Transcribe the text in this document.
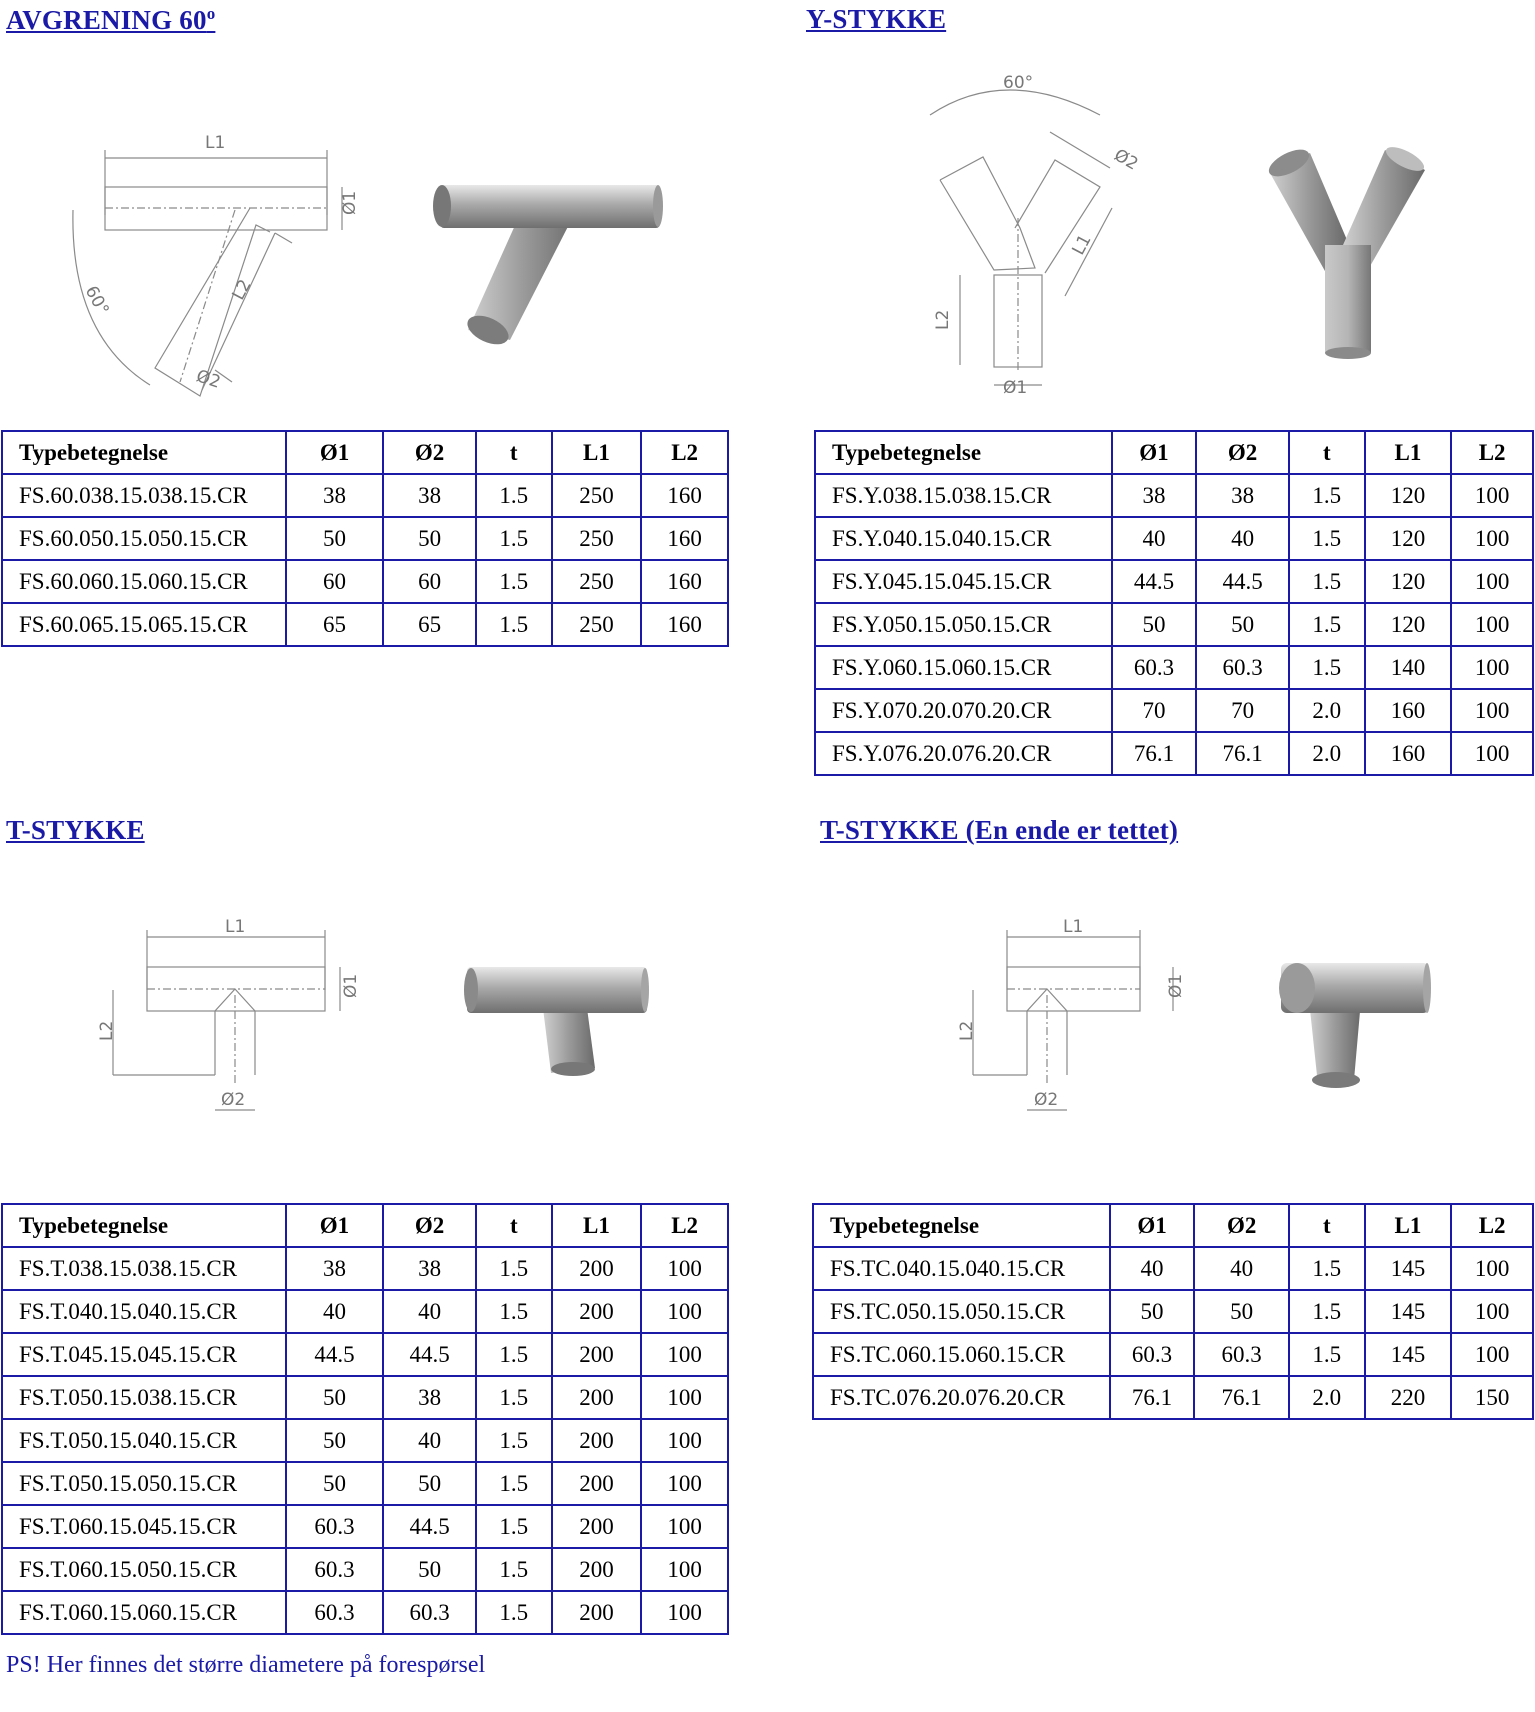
AVGRENING 60$^o$	Y-STYKKE
T-STYKKE	T-STYKKE (En ende er tettet)
L1
Ø1
L2
Ø2
60°
60°
Ø2
L1
L2
Ø1
L1
Ø1
L2
Ø2
L1
Ø1
L2
Ø2
Typebetegnelse	Ø1	Ø2	t	L1	L2
FS.60.038.15.038.15.CR	38	38	1.5	250	160
FS.60.050.15.050.15.CR	50	50	1.5	250	160
FS.60.060.15.060.15.CR	60	60	1.5	250	160
FS.60.065.15.065.15.CR	65	65	1.5	250	160
Typebetegnelse	Ø1	Ø2	t	L1	L2
FS.Y.038.15.038.15.CR	38	38	1.5	120	100
FS.Y.040.15.040.15.CR	40	40	1.5	120	100
FS.Y.045.15.045.15.CR	44.5	44.5	1.5	120	100
FS.Y.050.15.050.15.CR	50	50	1.5	120	100
FS.Y.060.15.060.15.CR	60.3	60.3	1.5	140	100
FS.Y.070.20.070.20.CR	70	70	2.0	160	100
FS.Y.076.20.076.20.CR	76.1	76.1	2.0	160	100
Typebetegnelse	Ø1	Ø2	t	L1	L2
FS.T.038.15.038.15.CR	38	38	1.5	200	100
FS.T.040.15.040.15.CR	40	40	1.5	200	100
FS.T.045.15.045.15.CR	44.5	44.5	1.5	200	100
FS.T.050.15.038.15.CR	50	38	1.5	200	100
FS.T.050.15.040.15.CR	50	40	1.5	200	100
FS.T.050.15.050.15.CR	50	50	1.5	200	100
FS.T.060.15.045.15.CR	60.3	44.5	1.5	200	100
FS.T.060.15.050.15.CR	60.3	50	1.5	200	100
FS.T.060.15.060.15.CR	60.3	60.3	1.5	200	100
Typebetegnelse	Ø1	Ø2	t	L1	L2
FS.TC.040.15.040.15.CR	40	40	1.5	145	100
FS.TC.050.15.050.15.CR	50	50	1.5	145	100
FS.TC.060.15.060.15.CR	60.3	60.3	1.5	145	100
FS.TC.076.20.076.20.CR	76.1	76.1	2.0	220	150
PS! Her finnes det større diametere på forespørsel
